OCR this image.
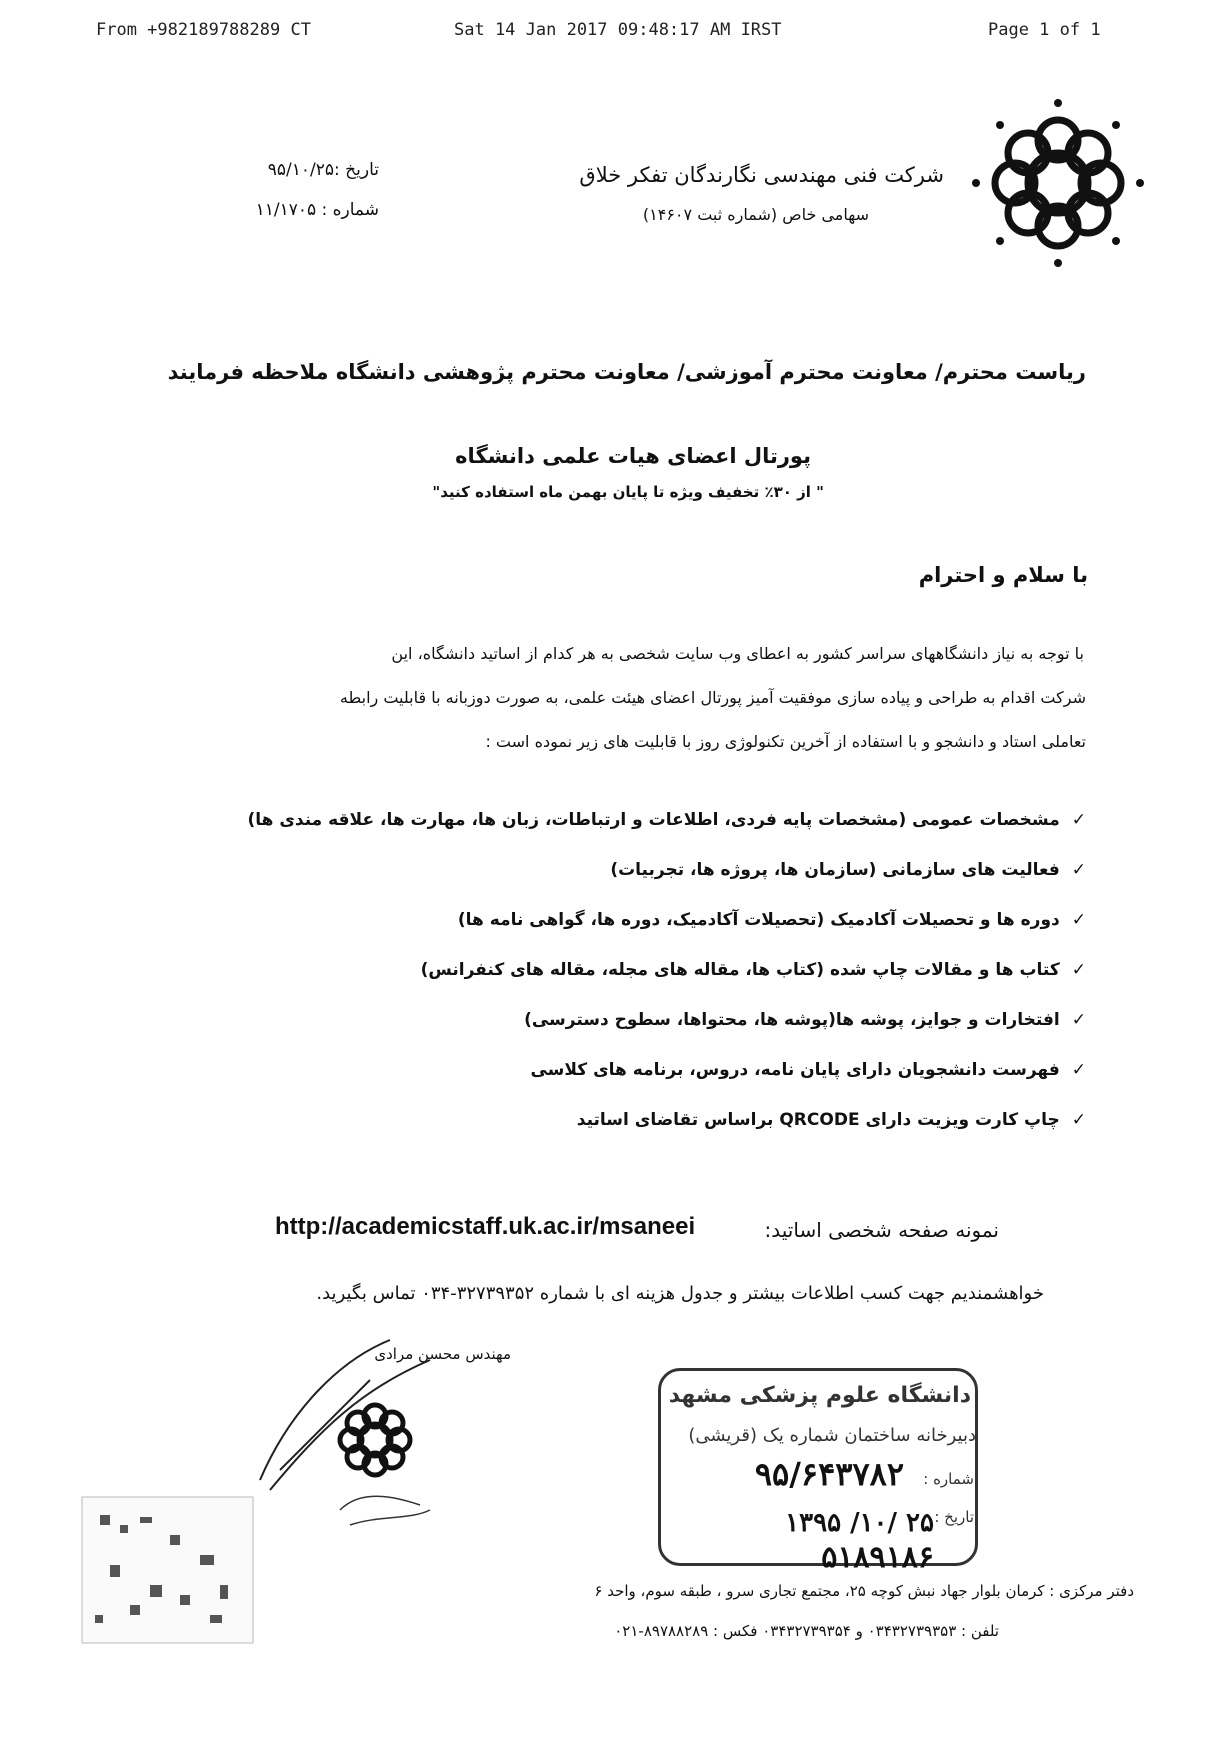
From +982189788289 CT	Sat 14 Jan 2017 09:48:17 AM IRST	Page 1 of 1
شرکت فنی مهندسی نگارندگان تفکر خلاق
سهامی خاص (شماره ثبت ۱۴۶۰۷)
تاریخ :۹۵/۱۰/۲۵
شماره : ۱۱/۱۷۰۵
ریاست محترم/ معاونت محترم آموزشی/ معاونت محترم پژوهشی دانشگاه ملاحظه فرمایند
پورتال اعضای هیات علمی دانشگاه
" از ۳۰٪ تخفیف ویژه تا پایان بهمن ماه استفاده کنید"
با سلام و احترام
با توجه به نیاز دانشگاههای سراسر کشور به اعطای وب سایت شخصی به هر کدام از اساتید دانشگاه، این
شرکت اقدام به طراحی و پیاده سازی موفقیت آمیز پورتال اعضای هیئت علمی، به صورت دوزبانه با قابلیت رابطه
تعاملی استاد و دانشجو و با استفاده از آخرین تکنولوژی روز با قابلیت های زیر نموده است :
✓
مشخصات عمومی (مشخصات پایه فردی، اطلاعات و ارتباطات، زبان ها، مهارت ها، علاقه مندی ها)
✓
فعالیت های سازمانی (سازمان ها، پروژه ها، تجربیات)
✓
دوره ها و تحصیلات آکادمیک (تحصیلات آکادمیک، دوره ها، گواهی نامه ها)
✓
کتاب ها و مقالات چاپ شده (کتاب ها، مقاله های مجله، مقاله های کنفرانس)
✓
افتخارات و جوایز، پوشه ها(پوشه ها، محتواها، سطوح دسترسی)
✓
فهرست دانشجویان دارای پایان نامه، دروس، برنامه های کلاسی
✓
چاپ کارت ویزیت دارای QRCODE براساس تقاضای اساتید
نمونه صفحه شخصی اساتید:
http://academicstaff.uk.ac.ir/msaneei
خواهشمندیم جهت کسب اطلاعات بیشتر و جدول هزینه ای با شماره ۳۲۷۳۹۳۵۲-۰۳۴ تماس بگیرید.
مهندس محسن مرادی
دانشگاه علوم پزشکی مشهد
دبیرخانه ساختمان شماره یک (قریشی)
شماره :
۹۵/۶۴۳۷۸۲
تاریخ :
۱۳۹۵ /۱۰/ ۲۵
۵۱۸۹۱۸۶
دفتر مرکزی : کرمان بلوار جهاد نبش کوچه ۲۵، مجتمع تجاری سرو ، طبقه سوم، واحد ۶
تلفن : ۰۳۴۳۲۷۳۹۳۵۳ و ۰۳۴۳۲۷۳۹۳۵۴ فکس : ۸۹۷۸۸۲۸۹-۰۲۱
